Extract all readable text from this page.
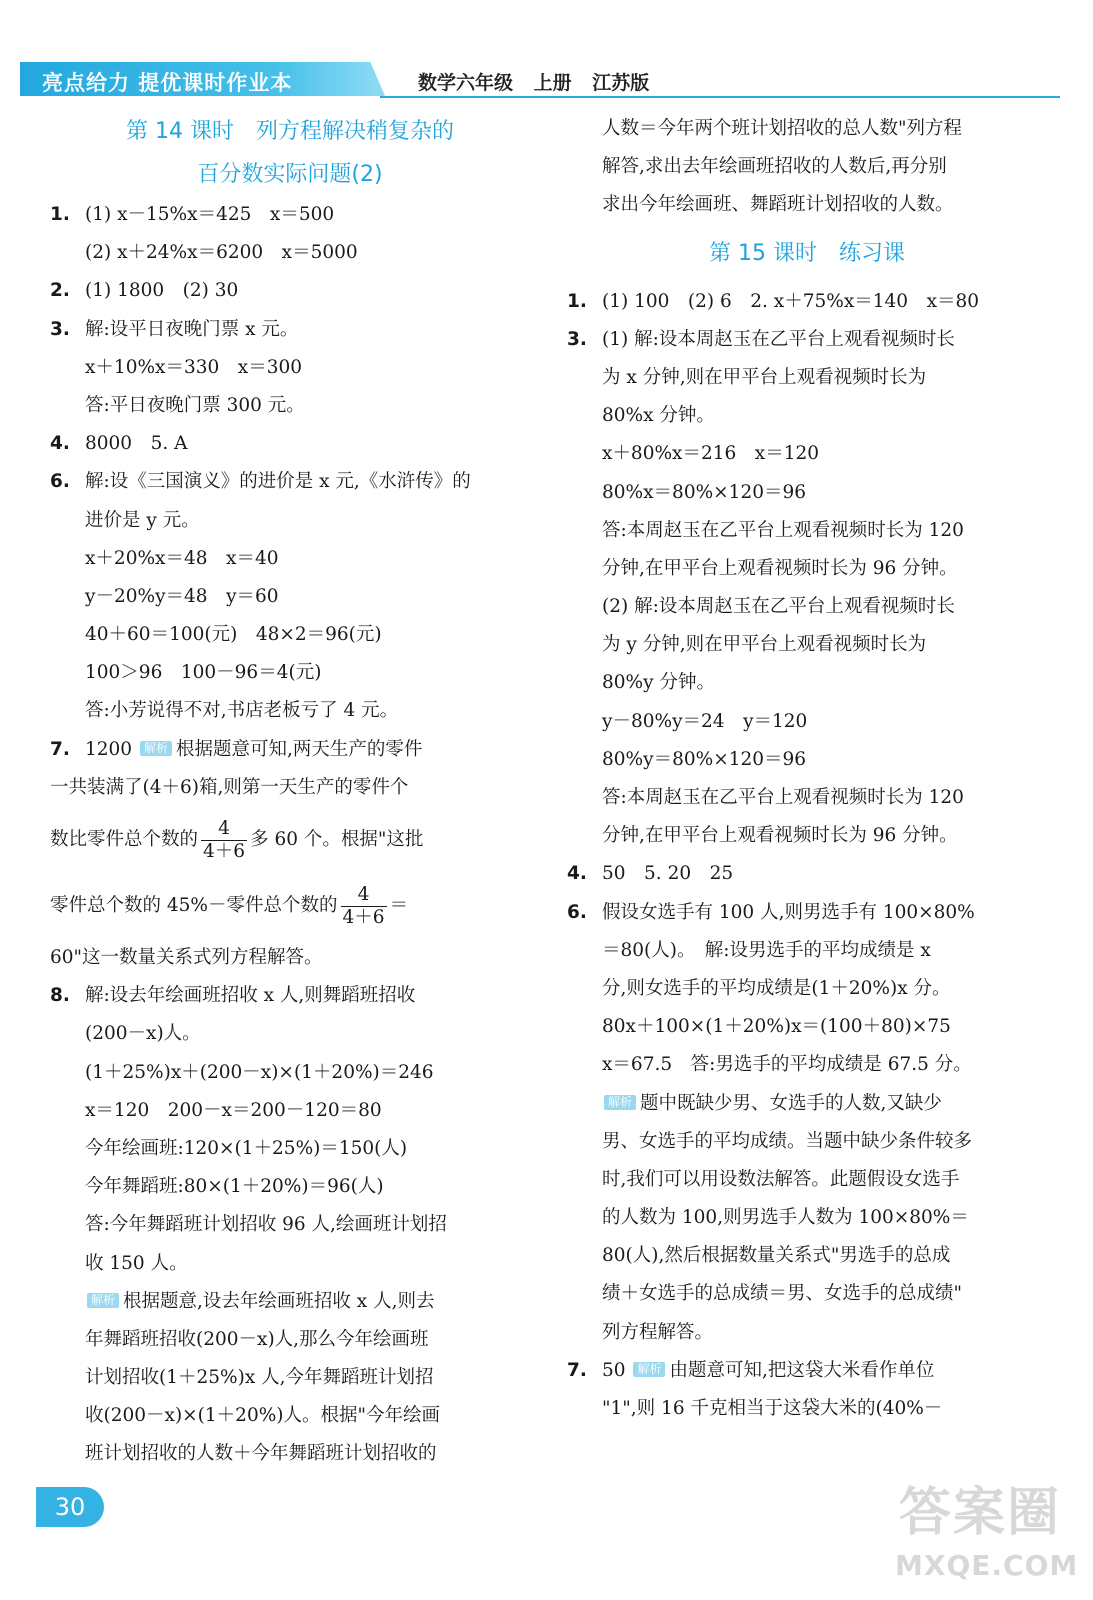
亮点给力 提优课时作业本	数学六年级 上册 江苏版
第 14 课时　列方程解决稍复杂的
百分数实际问题(2)
1. (1) x－15%x＝425　x＝500
(2) x＋24%x＝6200　x＝5000
2. (1) 1800　(2) 30
3. 解:设平日夜晚门票 x 元。
x＋10%x＝330　x＝300
答:平日夜晚门票 300 元。
4. 8000　5. A
6. 解:设《三国演义》的进价是 x 元,《水浒传》的
进价是 y 元。
x＋20%x＝48　x＝40
y－20%y＝48　y＝60
40＋60＝100(元)　48×2＝96(元)
100＞96　100－96＝4(元)
答:小芳说得不对,书店老板亏了 4 元。
7. 1200 解析 根据题意可知,两天生产的零件
一共装满了(4＋6)箱,则第一天生产的零件个
数比零件总个数的 $\frac{4}{4+6}$ 多 60 个。根据"这批
零件总个数的 45%－零件总个数的 $\frac{4}{4+6}$ ＝
60"这一数量关系式列方程解答。
8. 解:设去年绘画班招收 x 人,则舞蹈班招收
(200－x)人。
(1＋25%)x＋(200－x)×(1＋20%)＝246
x＝120　200－x＝200－120＝80
今年绘画班:120×(1＋25%)＝150(人)
今年舞蹈班:80×(1＋20%)＝96(人)
答:今年舞蹈班计划招收 96 人,绘画班计划招
收 150 人。
解析 根据题意,设去年绘画班招收 x 人,则去
年舞蹈班招收(200－x)人,那么今年绘画班
计划招收(1＋25%)x 人,今年舞蹈班计划招
收(200－x)×(1＋20%)人。根据"今年绘画
班计划招收的人数＋今年舞蹈班计划招收的
人数＝今年两个班计划招收的总人数"列方程
解答,求出去年绘画班招收的人数后,再分别
求出今年绘画班、舞蹈班计划招收的人数。
第 15 课时　练习课
1. (1) 100　(2) 6　2. x＋75%x＝140　x＝80
3. (1) 解:设本周赵玉在乙平台上观看视频时长
为 x 分钟,则在甲平台上观看视频时长为
80%x 分钟。
x＋80%x＝216　x＝120
80%x＝80%×120＝96
答:本周赵玉在乙平台上观看视频时长为 120
分钟,在甲平台上观看视频时长为 96 分钟。
(2) 解:设本周赵玉在乙平台上观看视频时长
为 y 分钟,则在甲平台上观看视频时长为
80%y 分钟。
y－80%y＝24　y＝120
80%y＝80%×120＝96
答:本周赵玉在乙平台上观看视频时长为 120
分钟,在甲平台上观看视频时长为 96 分钟。
4. 50　5. 20　25
6. 假设女选手有 100 人,则男选手有 100×80%
＝80(人)。　解:设男选手的平均成绩是 x
分,则女选手的平均成绩是(1＋20%)x 分。
80x＋100×(1＋20%)x＝(100＋80)×75
x＝67.5　答:男选手的平均成绩是 67.5 分。
解析 题中既缺少男、女选手的人数,又缺少
男、女选手的平均成绩。当题中缺少条件较多
时,我们可以用设数法解答。此题假设女选手
的人数为 100,则男选手人数为 100×80%＝
80(人),然后根据数量关系式"男选手的总成
绩＋女选手的总成绩＝男、女选手的总成绩"
列方程解答。
7. 50 解析 由题意可知,把这袋大米看作单位
"1",则 16 千克相当于这袋大米的(40%－
30	答案圈
MXQE.COM
